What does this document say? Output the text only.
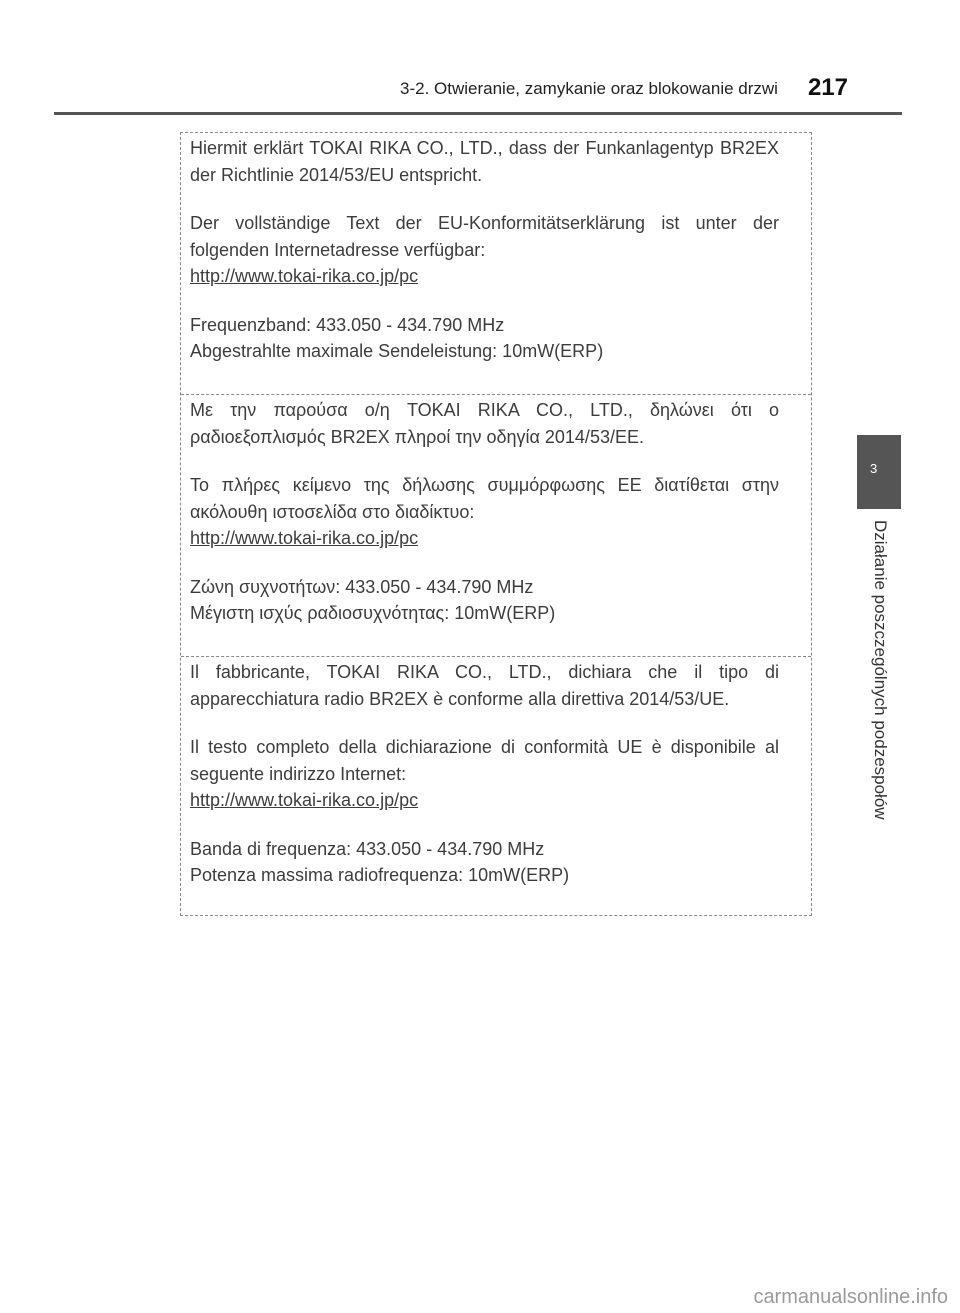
3-2. Otwieranie, zamykanie oraz blokowanie drzwi 217
3
Działanie poszczególnych podzespołów

Hiermit erklärt TOKAI RIKA CO., LTD., dass der Funkanlagentyp BR2EX der Richtlinie 2014/53/EU entspricht.

Der vollständige Text der EU-Konformitätserklärung ist unter der folgenden Internetadresse verfügbar:

http://www.tokai-rika.co.jp/pc

Frequenzband: 433.050 - 434.790 MHz

Abgestrahlte maximale Sendeleistung: 10mW(ERP)

Με την παρούσα ο/η TOKAI RIKA CO., LTD., δηλώνει ότι ο ραδιοεξοπλισμός BR2EX πληροί την οδηγία 2014/53/ΕΕ.

Το πλήρες κείμενο της δήλωσης συμμόρφωσης ΕΕ διατίθεται στην ακόλουθη ιστοσελίδα στο διαδίκτυο:

http://www.tokai-rika.co.jp/pc

Ζώνη συχνοτήτων: 433.050 - 434.790 MHz

Μέγιστη ισχύς ραδιοσυχνότητας: 10mW(ERP)

Il fabbricante, TOKAI RIKA CO., LTD., dichiara che il tipo di apparecchiatura radio BR2EX è conforme alla direttiva 2014/53/UE.

Il testo completo della dichiarazione di conformità UE è disponibile al seguente indirizzo Internet:

http://www.tokai-rika.co.jp/pc

Banda di frequenza: 433.050 - 434.790 MHz

Potenza massima radiofrequenza: 10mW(ERP)

carmanualsonline.info
